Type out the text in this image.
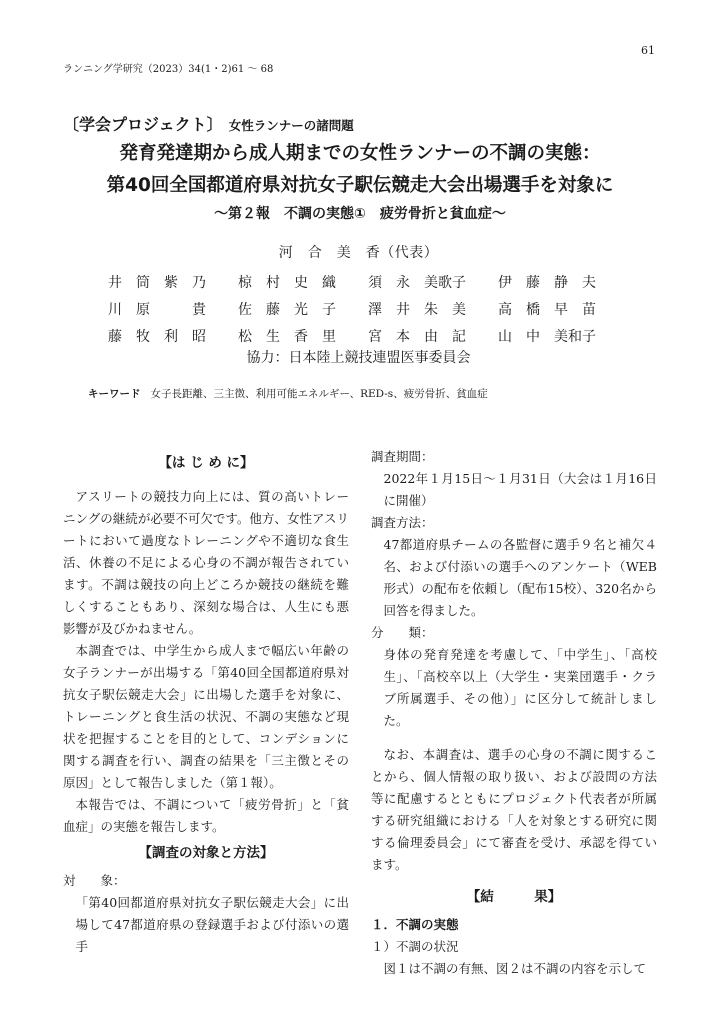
61
ランニング学研究（2023）34(1・2)61 ～ 68
〔学会プロジェクト〕 女性ランナーの諸問題
発育発達期から成人期までの女性ランナーの不調の実態：
第40回全国都道府県対抗女子駅伝競走大会出場選手を対象に
～第２報　不調の実態①　疲労骨折と貧血症～
河　合　美　香（代表）
井　筒　紫　乃	椋　村　史　織	須　永　美歌子	伊　藤　静　夫
川　原　　　貴	佐　藤　光　子	澤　井　朱　美	高　橋　早　苗
藤　牧　利　昭	松　生　香　里	宮　本　由　記	山　中　美和子
協力：日本陸上競技連盟医事委員会
キーワード 女子長距離、三主徴、利用可能エネルギー、RED-s、疲労骨折、貧血症
【は じ め に】

アスリートの競技力向上には、質の高いトレーニングの継続が必要不可欠です。他方、女性アスリートにおいて過度なトレーニングや不適切な食生活、休養の不足による心身の不調が報告されています。不調は競技の向上どころか競技の継続を難しくすることもあり、深刻な場合は、人生にも悪影響が及びかねません。

本調査では、中学生から成人まで幅広い年齢の女子ランナーが出場する「第40回全国都道府県対抗女子駅伝競走大会」に出場した選手を対象に、トレーニングと食生活の状況、不調の実態など現状を把握することを目的として、コンデションに関する調査を行い、調査の結果を「三主徴とその原因」として報告しました（第１報）。

本報告では、不調について「疲労骨折」と「貧血症」の実態を報告します。

【調査の対象と方法】
対　　象：
「第40回都道府県対抗女子駅伝競走大会」に出場して47都道府県の登録選手および付添いの選手
調査期間：
2022年１月15日～１月31日（大会は１月16日に開催）
調査方法：
47都道府県チームの各監督に選手９名と補欠４名、および付添いの選手へのアンケート（WEB形式）の配布を依頼し（配布15校）、320名から回答を得ました。
分　　類：
身体の発育発達を考慮して、「中学生」、「高校生」、「高校卒以上（大学生・実業団選手・クラブ所属選手、その他）」に区分して統計しました。

なお、本調査は、選手の心身の不調に関することから、個人情報の取り扱い、および設問の方法等に配慮するとともにプロジェクト代表者が所属する研究組織における「人を対象とする研究に関する倫理委員会」にて審査を受け、承認を得ています。

【結　　　果】
１．不調の実態
１）不調の状況

図１は不調の有無、図２は不調の内容を示して
